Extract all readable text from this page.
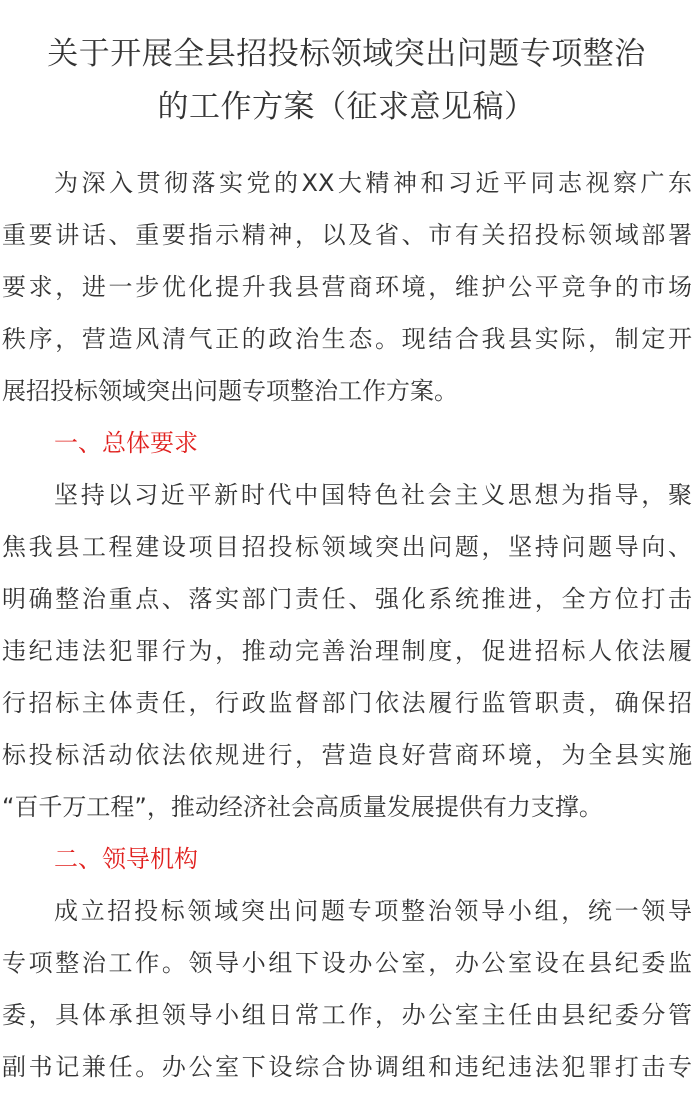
关于开展全县招投标领域突出问题专项整治
的工作方案（征求意见稿）
为深入贯彻落实党的XX大精神和习近平同志视察广东
重要讲话、重要指示精神，以及省、市有关招投标领域部署
要求，进一步优化提升我县营商环境，维护公平竞争的市场
秩序，营造风清气正的政治生态。现结合我县实际，制定开
展招投标领域突出问题专项整治工作方案。
一、总体要求
坚持以习近平新时代中国特色社会主义思想为指导，聚
焦我县工程建设项目招投标领域突出问题，坚持问题导向、
明确整治重点、落实部门责任、强化系统推进，全方位打击
违纪违法犯罪行为，推动完善治理制度，促进招标人依法履
行招标主体责任，行政监督部门依法履行监管职责，确保招
标投标活动依法依规进行，营造良好营商环境，为全县实施
“百千万工程”，推动经济社会高质量发展提供有力支撑。
二、领导机构
成立招投标领域突出问题专项整治领导小组，统一领导
专项整治工作。领导小组下设办公室，办公室设在县纪委监
委，具体承担领导小组日常工作，办公室主任由县纪委分管
副书记兼任。办公室下设综合协调组和违纪违法犯罪打击专
